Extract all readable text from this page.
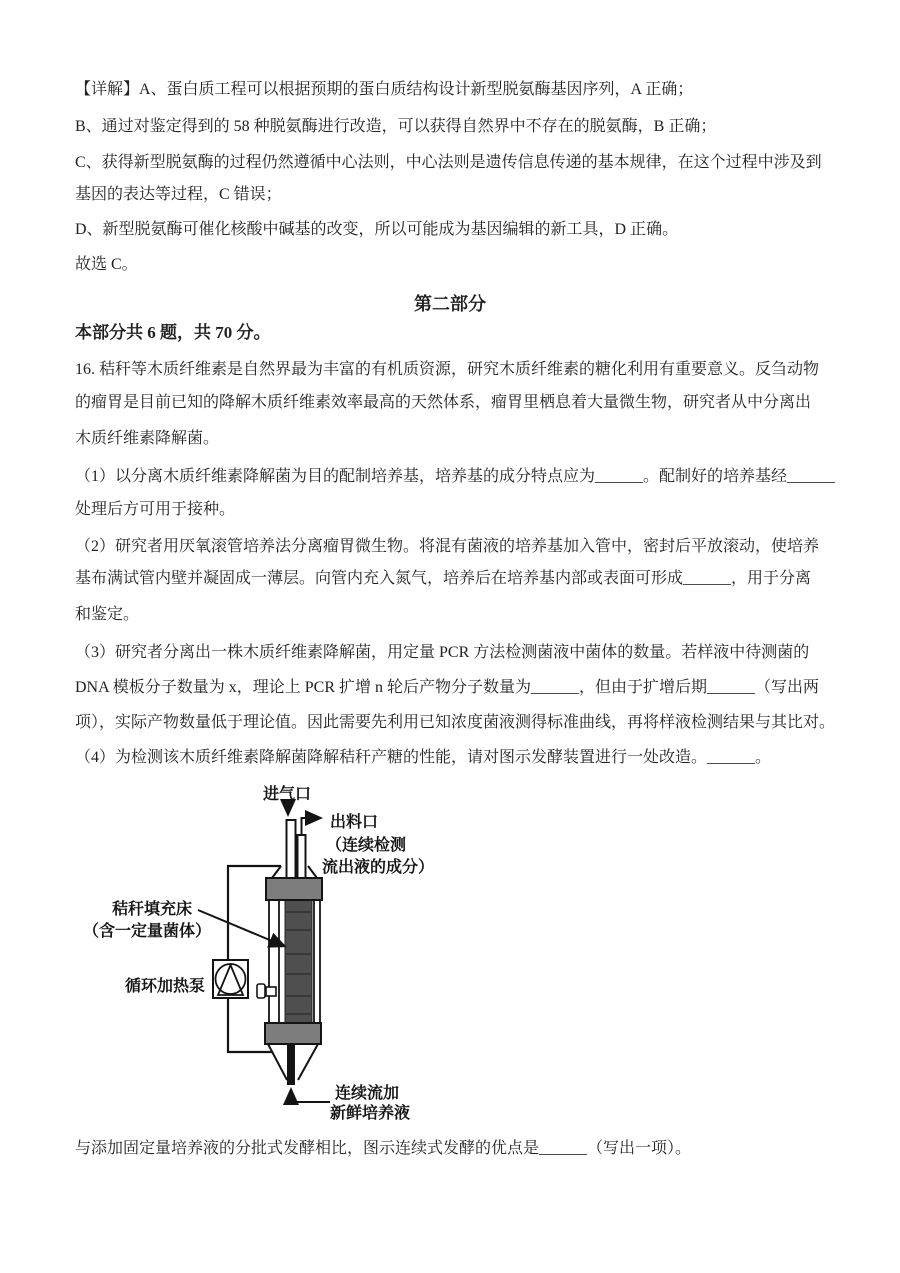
【详解】A、蛋白质工程可以根据预期的蛋白质结构设计新型脱氨酶基因序列，A 正确；
B、通过对鉴定得到的 58 种脱氨酶进行改造，可以获得自然界中不存在的脱氨酶，B 正确；
C、获得新型脱氨酶的过程仍然遵循中心法则，中心法则是遗传信息传递的基本规律，在这个过程中涉及到
基因的表达等过程，C 错误；
D、新型脱氨酶可催化核酸中碱基的改变，所以可能成为基因编辑的新工具，D 正确。
故选 C。
第二部分
本部分共 6 题，共 70 分。
16. 秸秆等木质纤维素是自然界最为丰富的有机质资源，研究木质纤维素的糖化利用有重要意义。反刍动物
的瘤胃是目前已知的降解木质纤维素效率最高的天然体系，瘤胃里栖息着大量微生物，研究者从中分离出
木质纤维素降解菌。
（1）以分离木质纤维素降解菌为目的配制培养基，培养基的成分特点应为______。配制好的培养基经______
处理后方可用于接种。
（2）研究者用厌氧滚管培养法分离瘤胃微生物。将混有菌液的培养基加入管中，密封后平放滚动，使培养
基布满试管内壁并凝固成一薄层。向管内充入氮气，培养后在培养基内部或表面可形成______，用于分离
和鉴定。
（3）研究者分离出一株木质纤维素降解菌，用定量 PCR 方法检测菌液中菌体的数量。若样液中待测菌的
DNA 模板分子数量为 x，理论上 PCR 扩增 n 轮后产物分子数量为______，但由于扩增后期______（写出两
项），实际产物数量低于理论值。因此需要先利用已知浓度菌液测得标准曲线，再将样液检测结果与其比对。
（4）为检测该木质纤维素降解菌降解秸秆产糖的性能，请对图示发酵装置进行一处改造。______。
进气口
出料口
（连续检测
流出液的成分）
秸秆填充床
（含一定量菌体）
循环加热泵
连续流加
新鲜培养液
与添加固定量培养液的分批式发酵相比，图示连续式发酵的优点是______（写出一项）。
